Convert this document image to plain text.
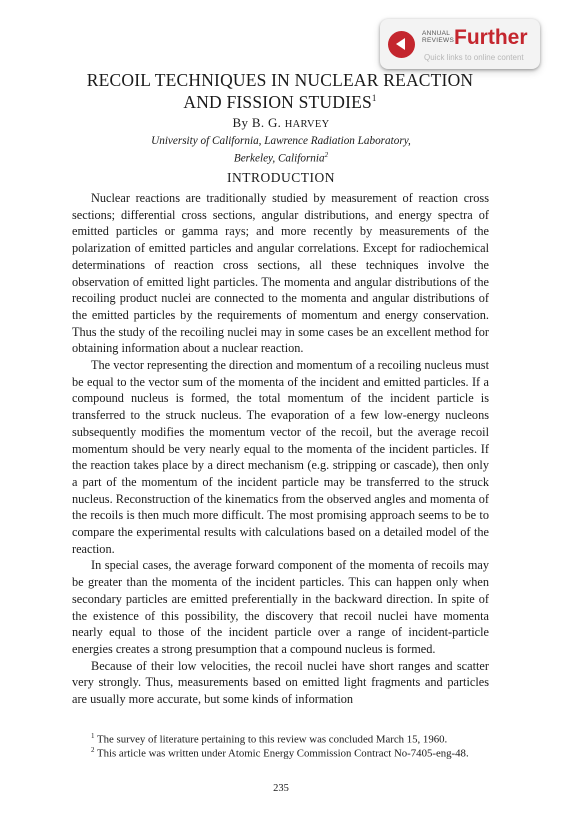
ANNUAL
REVIEWS Further
Quick links to online content
RECOIL TECHNIQUES IN NUCLEAR REACTION
AND FISSION STUDIES$^1$
By B. G. HARVEY
University of California, Lawrence Radiation Laboratory,
Berkeley, California$^2$
INTRODUCTION

Nuclear reactions are traditionally studied by measurement of reaction cross sections; differential cross sections, angular distributions, and energy spectra of emitted particles or gamma rays; and more recently by measurements of the polarization of emitted particles and angular correlations. Except for radiochemical determinations of reaction cross sections, all these techniques involve the observation of emitted light particles. The momenta and angular distributions of the recoiling product nuclei are connected to the momenta and angular distributions of the emitted particles by the requirements of momentum and energy conservation. Thus the study of the recoiling nuclei may in some cases be an excellent method for obtaining information about a nuclear reaction.

The vector representing the direction and momentum of a recoiling nucleus must be equal to the vector sum of the momenta of the incident and emitted particles. If a compound nucleus is formed, the total momentum of the incident particle is transferred to the struck nucleus. The evaporation of a few low-energy nucleons subsequently modifies the momentum vector of the recoil, but the average recoil momentum should be very nearly equal to the momenta of the incident particles. If the reaction takes place by a direct mechanism (e.g. stripping or cascade), then only a part of the momentum of the incident particle may be transferred to the struck nucleus. Reconstruction of the kinematics from the observed angles and momenta of the recoils is then much more difficult. The most promising approach seems to be to compare the experimental results with calculations based on a detailed model of the reaction.

In special cases, the average forward component of the momenta of recoils may be greater than the momenta of the incident particles. This can happen only when secondary particles are emitted preferentially in the backward direction. In spite of the existence of this possibility, the discovery that recoil nuclei have momenta nearly equal to those of the incident particle over a range of incident-particle energies creates a strong presumption that a compound nucleus is formed.

Because of their low velocities, the recoil nuclei have short ranges and scatter very strongly. Thus, measurements based on emitted light fragments and particles are usually more accurate, but some kinds of information

$^1$ The survey of literature pertaining to this review was concluded March 15, 1960.
$^2$ This article was written under Atomic Energy Commission Contract No-7405-eng-48.
235
